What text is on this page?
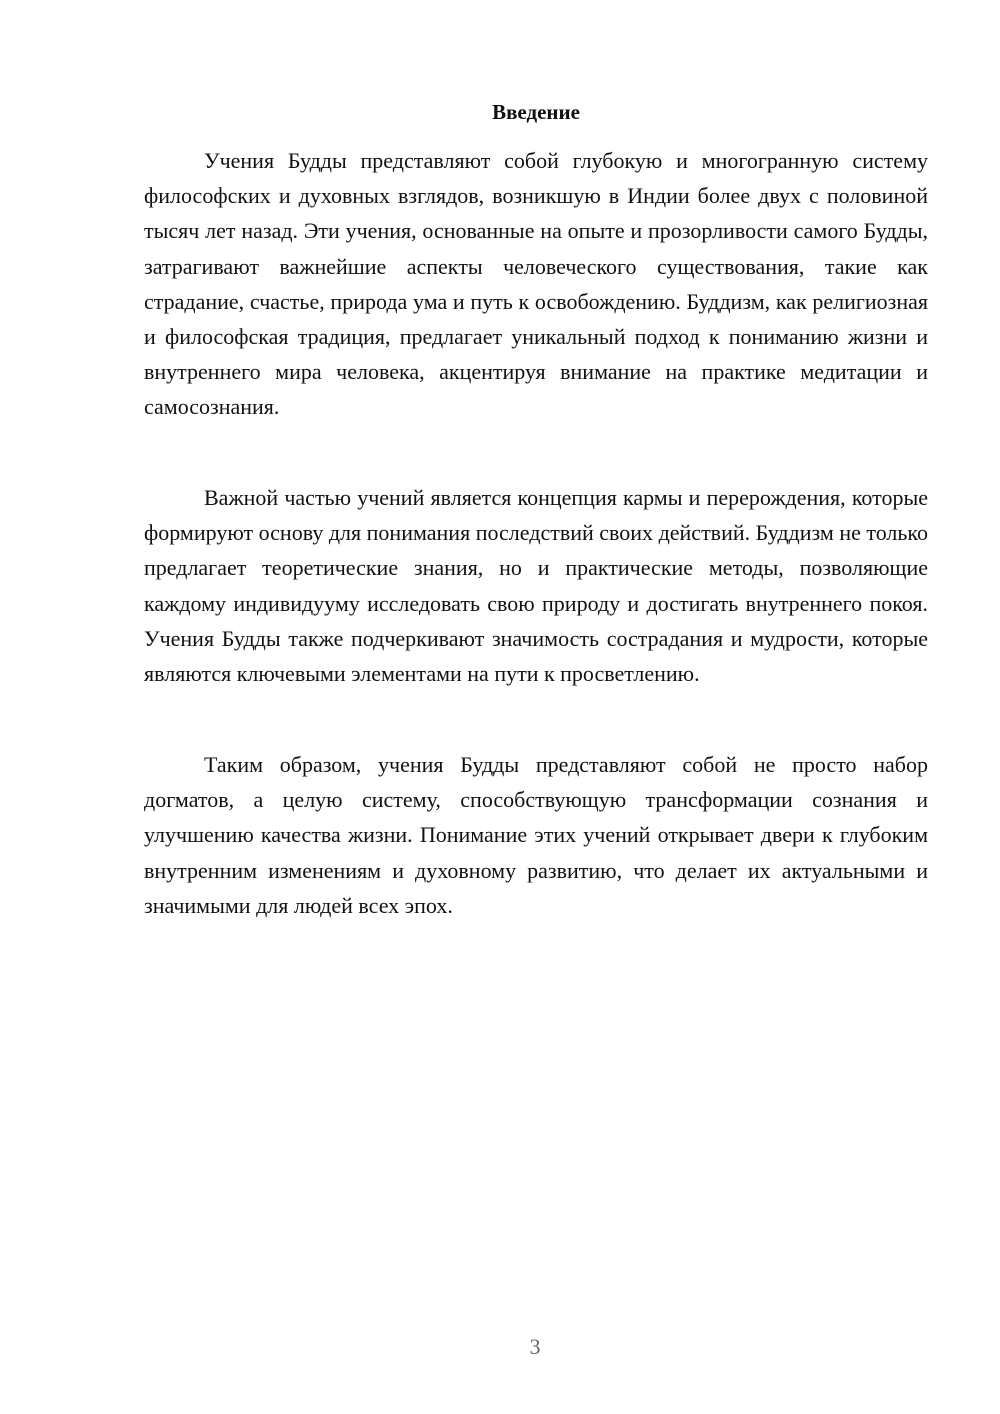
Введение

Учения Будды представляют собой глубокую и многогранную систему философских и духовных взглядов, возникшую в Индии более двух с половиной тысяч лет назад. Эти учения, основанные на опыте и прозорливости самого Будды, затрагивают важнейшие аспекты человеческого существования, такие как страдание, счастье, природа ума и путь к освобождению. Буддизм, как религиозная и философская традиция, предлагает уникальный подход к пониманию жизни и внутреннего мира человека, акцентируя внимание на практике медитации и самосознания.

Важной частью учений является концепция кармы и перерождения, которые формируют основу для понимания последствий своих действий. Буддизм не только предлагает теоретические знания, но и практические методы, позволяющие каждому индивидууму исследовать свою природу и достигать внутреннего покоя. Учения Будды также подчеркивают значимость сострадания и мудрости, которые являются ключевыми элементами на пути к просветлению.

Таким образом, учения Будды представляют собой не просто набор догматов, а целую систему, способствующую трансформации сознания и улучшению качества жизни. Понимание этих учений открывает двери к глубоким внутренним изменениям и духовному развитию, что делает их актуальными и значимыми для людей всех эпох.

3
